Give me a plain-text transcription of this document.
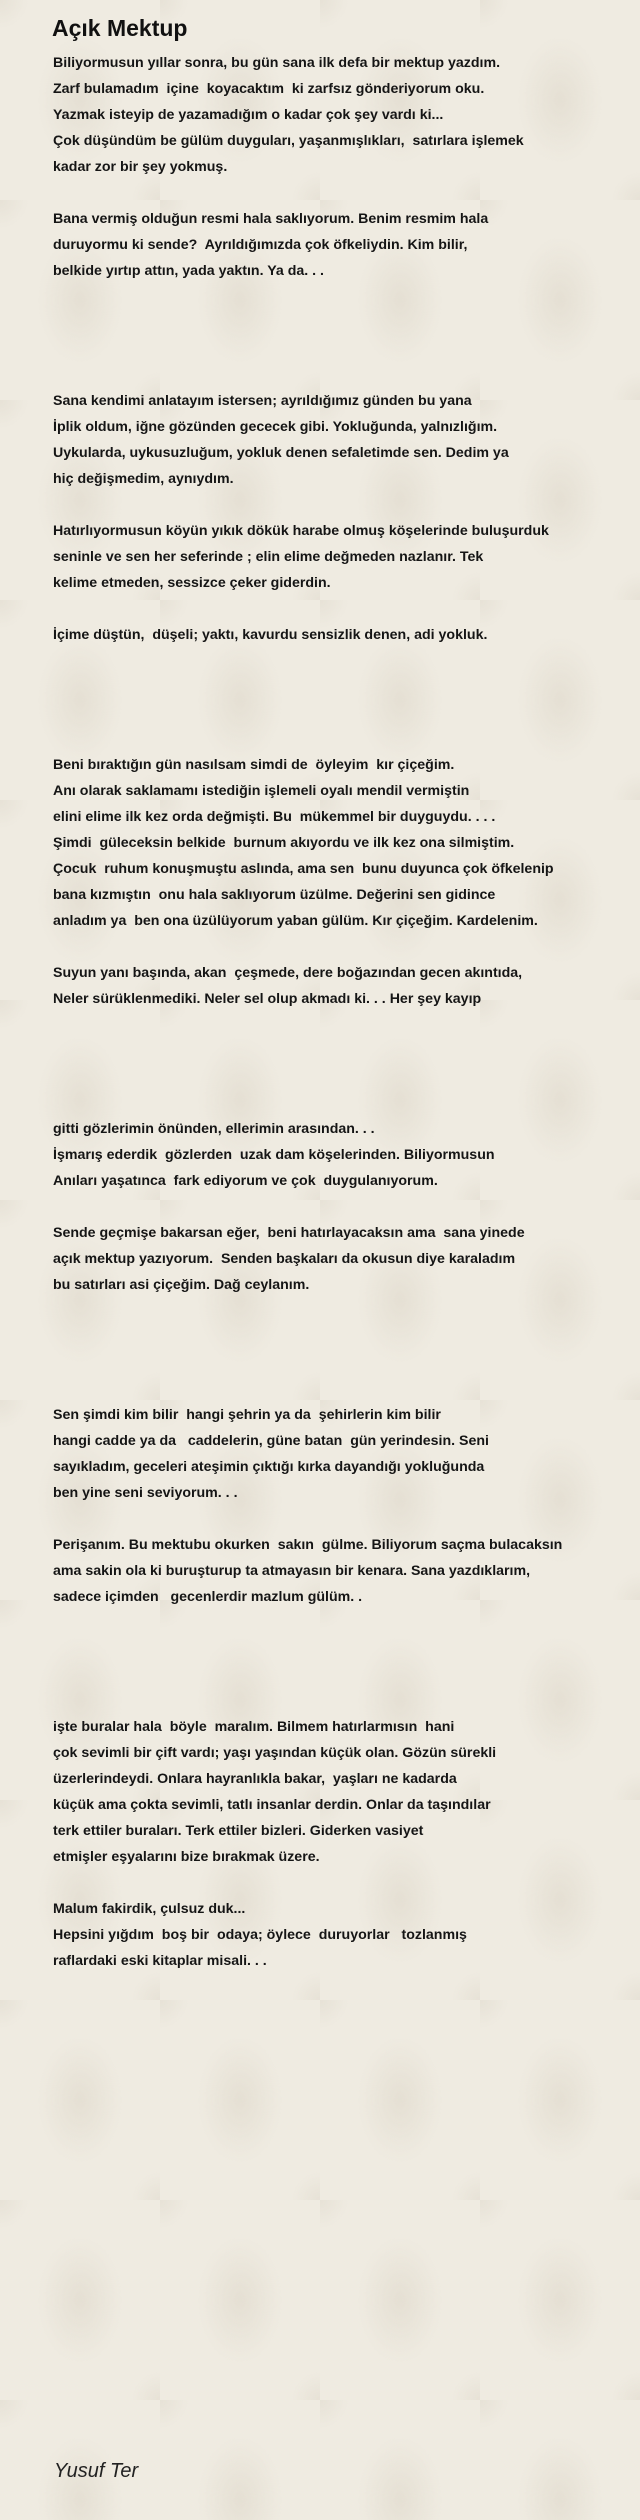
Açık Mektup
Biliyormusun yıllar sonra, bu gün sana ilk defa bir mektup yazdım.
Zarf bulamadım  içine  koyacaktım  ki zarfsız gönderiyorum oku.
Yazmak isteyip de yazamadığım o kadar çok şey vardı ki...
Çok düşündüm be gülüm duyguları, yaşanmışlıkları,  satırlara işlemek
kadar zor bir şey yokmuş.
Bana vermiş olduğun resmi hala saklıyorum. Benim resmim hala
duruyormu ki sende?  Ayrıldığımızda çok öfkeliydin. Kim bilir,
belkide yırtıp attın, yada yaktın. Ya da. . .
Sana kendimi anlatayım istersen; ayrıldığımız günden bu yana
İplik oldum, iğne gözünden gececek gibi. Yokluğunda, yalnızlığım.
Uykularda, uykusuzluğum, yokluk denen sefaletimde sen. Dedim ya
hiç değişmedim, aynıydım.
Hatırlıyormusun köyün yıkık dökük harabe olmuş köşelerinde buluşurduk
seninle ve sen her seferinde ; elin elime değmeden nazlanır. Tek
kelime etmeden, sessizce çeker giderdin.
İçime düştün,  düşeli; yaktı, kavurdu sensizlik denen, adi yokluk.
Beni bıraktığın gün nasılsam simdi de  öyleyim  kır çiçeğim.
Anı olarak saklamamı istediğin işlemeli oyalı mendil vermiştin
elini elime ilk kez orda değmişti. Bu  mükemmel bir duyguydu. . . .
Şimdi  güleceksin belkide  burnum akıyordu ve ilk kez ona silmiştim.
Çocuk  ruhum konuşmuştu aslında, ama sen  bunu duyunca çok öfkelenip
bana kızmıştın  onu hala saklıyorum üzülme. Değerini sen gidince
anladım ya  ben ona üzülüyorum yaban gülüm. Kır çiçeğim. Kardelenim.
Suyun yanı başında, akan  çeşmede, dere boğazından gecen akıntıda,
Neler sürüklenmediki. Neler sel olup akmadı ki. . . Her şey kayıp
gitti gözlerimin önünden, ellerimin arasından. . .
İşmarış ederdik  gözlerden  uzak dam köşelerinden. Biliyormusun
Anıları yaşatınca  fark ediyorum ve çok  duygulanıyorum.
Sende geçmişe bakarsan eğer,  beni hatırlayacaksın ama  sana yinede
açık mektup yazıyorum.  Senden başkaları da okusun diye karaladım
bu satırları asi çiçeğim. Dağ ceylanım.
Sen şimdi kim bilir  hangi şehrin ya da  şehirlerin kim bilir
hangi cadde ya da   caddelerin, güne batan  gün yerindesin. Seni
sayıkladım, geceleri ateşimin çıktığı kırka dayandığı yokluğunda
ben yine seni seviyorum. . .
Perişanım. Bu mektubu okurken  sakın  gülme. Biliyorum saçma bulacaksın
ama sakin ola ki buruşturup ta atmayasın bir kenara. Sana yazdıklarım,
sadece içimden   gecenlerdir mazlum gülüm. .
işte buralar hala  böyle  maralım. Bilmem hatırlarmısın  hani
çok sevimli bir çift vardı; yaşı yaşından küçük olan. Gözün sürekli
üzerlerindeydi. Onlara hayranlıkla bakar,  yaşları ne kadarda
küçük ama çokta sevimli, tatlı insanlar derdin. Onlar da taşındılar
terk ettiler buraları. Terk ettiler bizleri. Giderken vasiyet
etmişler eşyalarını bize bırakmak üzere.
Malum fakirdik, çulsuz duk...
Hepsini yığdım  boş bir  odaya; öylece  duruyorlar   tozlanmış
raflardaki eski kitaplar misali. . .
Yusuf Ter
